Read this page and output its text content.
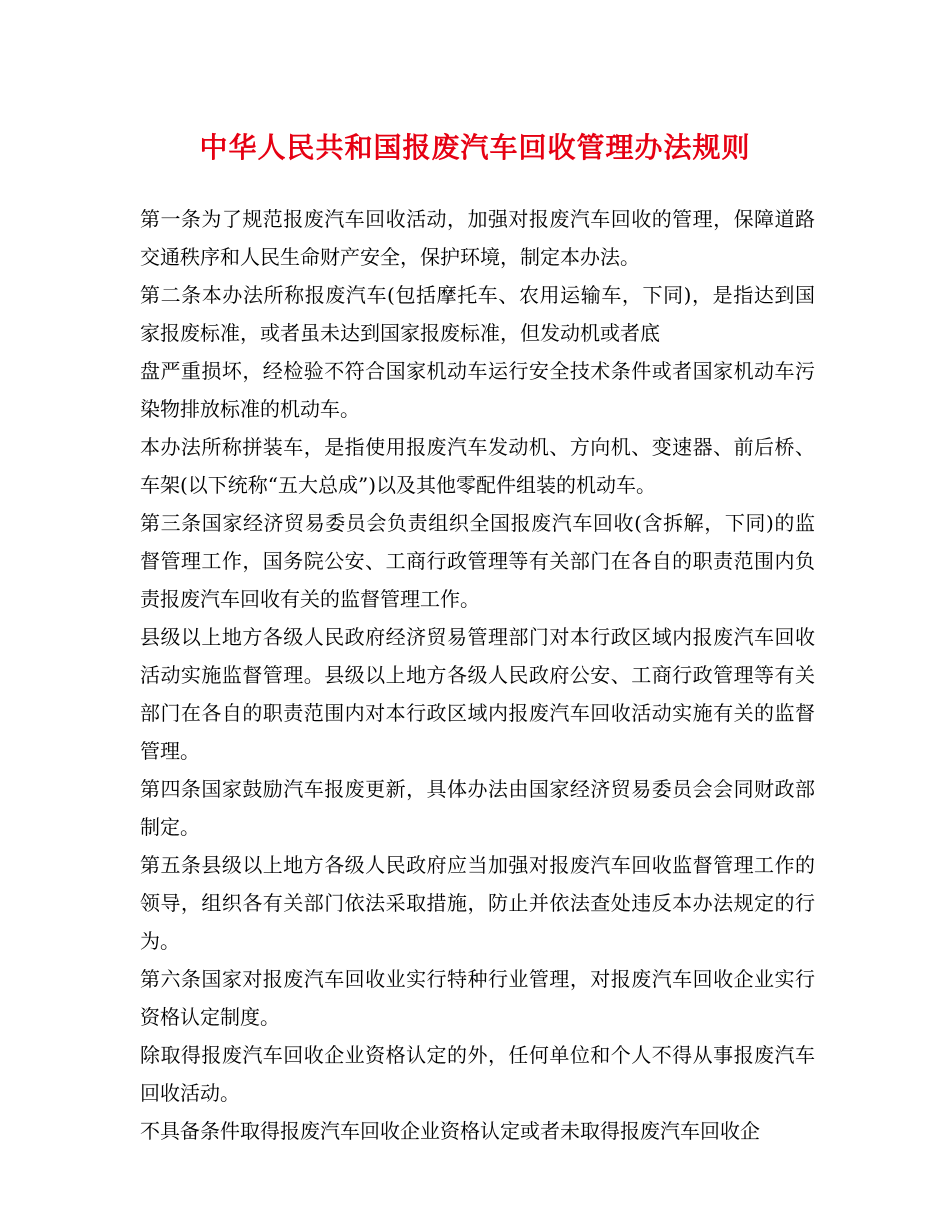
中华人民共和国报废汽车回收管理办法规则

第一条为了规范报废汽车回收活动，加强对报废汽车回收的管理，保障道路交通秩序和人民生命财产安全，保护环境，制定本办法。

第二条本办法所称报废汽车(包括摩托车、农用运输车，下同)，是指达到国家报废标准，或者虽未达到国家报废标准，但发动机或者底

盘严重损坏，经检验不符合国家机动车运行安全技术条件或者国家机动车污染物排放标准的机动车。

本办法所称拼装车，是指使用报废汽车发动机、方向机、变速器、前后桥、车架(以下统称“五大总成”)以及其他零配件组装的机动车。

第三条国家经济贸易委员会负责组织全国报废汽车回收(含拆解，下同)的监督管理工作，国务院公安、工商行政管理等有关部门在各自的职责范围内负责报废汽车回收有关的监督管理工作。

县级以上地方各级人民政府经济贸易管理部门对本行政区域内报废汽车回收活动实施监督管理。县级以上地方各级人民政府公安、工商行政管理等有关部门在各自的职责范围内对本行政区域内报废汽车回收活动实施有关的监督管理。

第四条国家鼓励汽车报废更新，具体办法由国家经济贸易委员会会同财政部制定。

第五条县级以上地方各级人民政府应当加强对报废汽车回收监督管理工作的领导，组织各有关部门依法采取措施，防止并依法查处违反本办法规定的行为。

第六条国家对报废汽车回收业实行特种行业管理，对报废汽车回收企业实行资格认定制度。

除取得报废汽车回收企业资格认定的外，任何单位和个人不得从事报废汽车回收活动。

不具备条件取得报废汽车回收企业资格认定或者未取得报废汽车回收企
